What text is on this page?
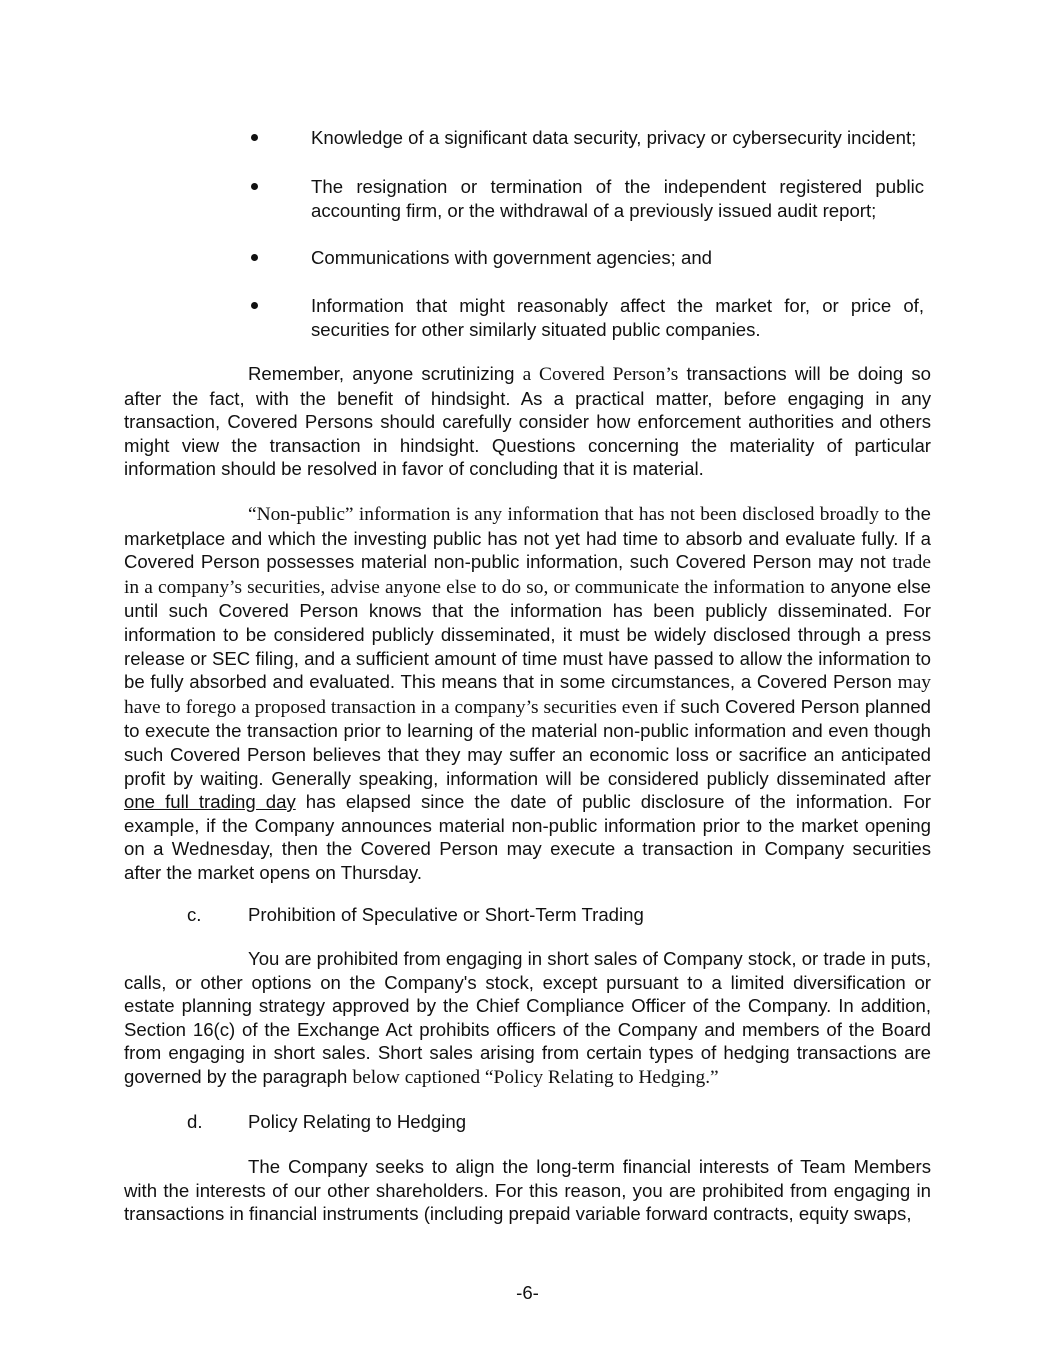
Knowledge of a significant data security, privacy or cybersecurity incident;
The resignation or termination of the independent registered public accounting firm, or the withdrawal of a previously issued audit report;
Communications with government agencies; and
Information that might reasonably affect the market for, or price of, securities for other similarly situated public companies.
Remember, anyone scrutinizing a Covered Person’s transactions will be doing so after the fact, with the benefit of hindsight. As a practical matter, before engaging in any transaction, Covered Persons should carefully consider how enforcement authorities and others might view the transaction in hindsight. Questions concerning the materiality of particular information should be resolved in favor of concluding that it is material.
“Non-public” information is any information that has not been disclosed broadly to the marketplace and which the investing public has not yet had time to absorb and evaluate fully. If a Covered Person possesses material non-public information, such Covered Person may not trade in a company’s securities, advise anyone else to do so, or communicate the information to anyone else until such Covered Person knows that the information has been publicly disseminated. For information to be considered publicly disseminated, it must be widely disclosed through a press release or SEC filing, and a sufficient amount of time must have passed to allow the information to be fully absorbed and evaluated. This means that in some circumstances, a Covered Person may have to forego a proposed transaction in a company’s securities even if such Covered Person planned to execute the transaction prior to learning of the material non-public information and even though such Covered Person believes that they may suffer an economic loss or sacrifice an anticipated profit by waiting. Generally speaking, information will be considered publicly disseminated after one full trading day has elapsed since the date of public disclosure of the information. For example, if the Company announces material non-public information prior to the market opening on a Wednesday, then the Covered Person may execute a transaction in Company securities after the market opens on Thursday.
c.	Prohibition of Speculative or Short-Term Trading
You are prohibited from engaging in short sales of Company stock, or trade in puts, calls, or other options on the Company's stock, except pursuant to a limited diversification or estate planning strategy approved by the Chief Compliance Officer of the Company. In addition, Section 16(c) of the Exchange Act prohibits officers of the Company and members of the Board from engaging in short sales. Short sales arising from certain types of hedging transactions are governed by the paragraph below captioned “Policy Relating to Hedging.”
d. Policy Relating to Hedging
The Company seeks to align the long-term financial interests of Team Members with the interests of our other shareholders. For this reason, you are prohibited from engaging in transactions in financial instruments (including prepaid variable forward contracts, equity swaps,
-6-
